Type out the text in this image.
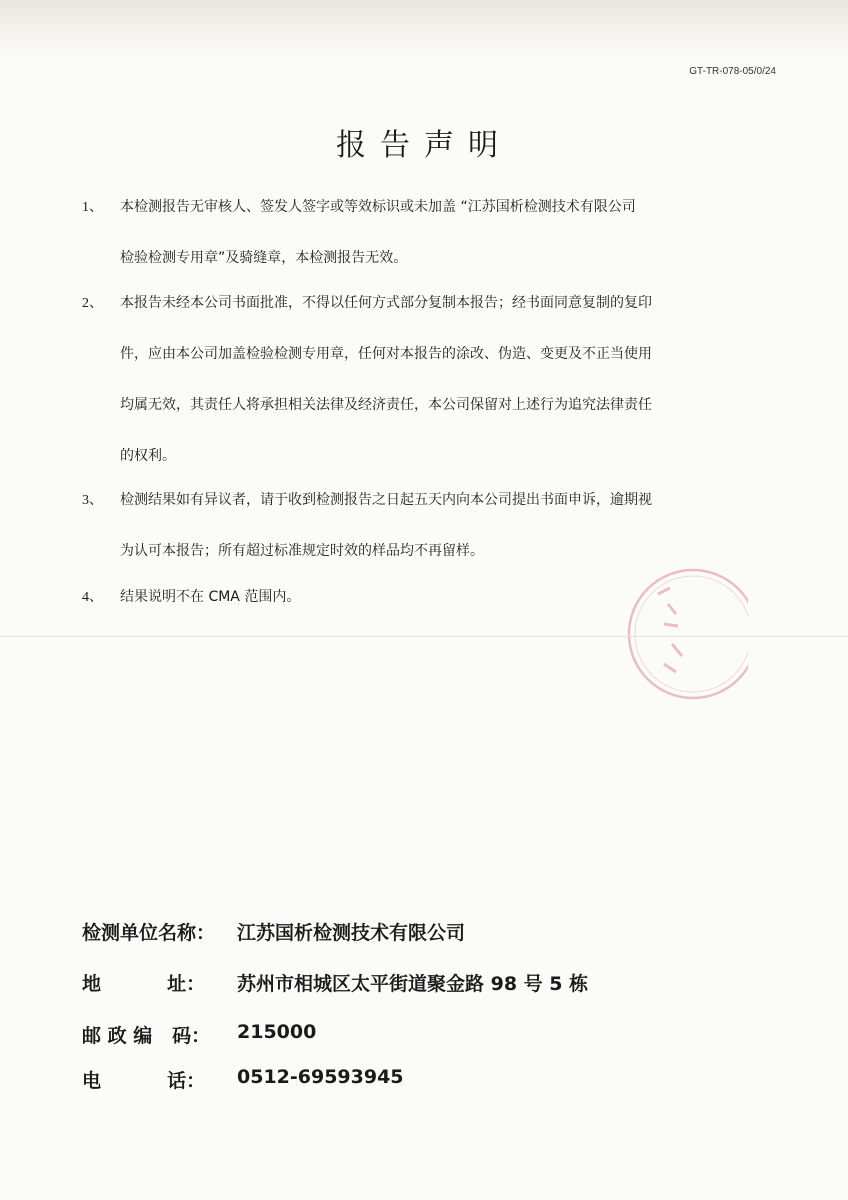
GT-TR-078-05/0/24
报告声明
1、	本检测报告无审核人、签发人签字或等效标识或未加盖 “江苏国析检测技术有限公司
检验检测专用章”及骑缝章，本检测报告无效。
2、	本报告未经本公司书面批准，不得以任何方式部分复制本报告；经书面同意复制的复印
件，应由本公司加盖检验检测专用章，任何对本报告的涂改、伪造、变更及不正当使用
均属无效，其责任人将承担相关法律及经济责任，本公司保留对上述行为追究法律责任
的权利。
3、	检测结果如有异议者，请于收到检测报告之日起五天内向本公司提出书面申诉，逾期视
为认可本报告；所有超过标准规定时效的样品均不再留样。
4、	结果说明不在 CMA 范围内。
检测单位名称： 江苏国析检测技术有限公司
地          址： 苏州市相城区太平街道聚金路 98 号 5 栋
邮 政 编   码： 215000
电          话： 0512-69593945
